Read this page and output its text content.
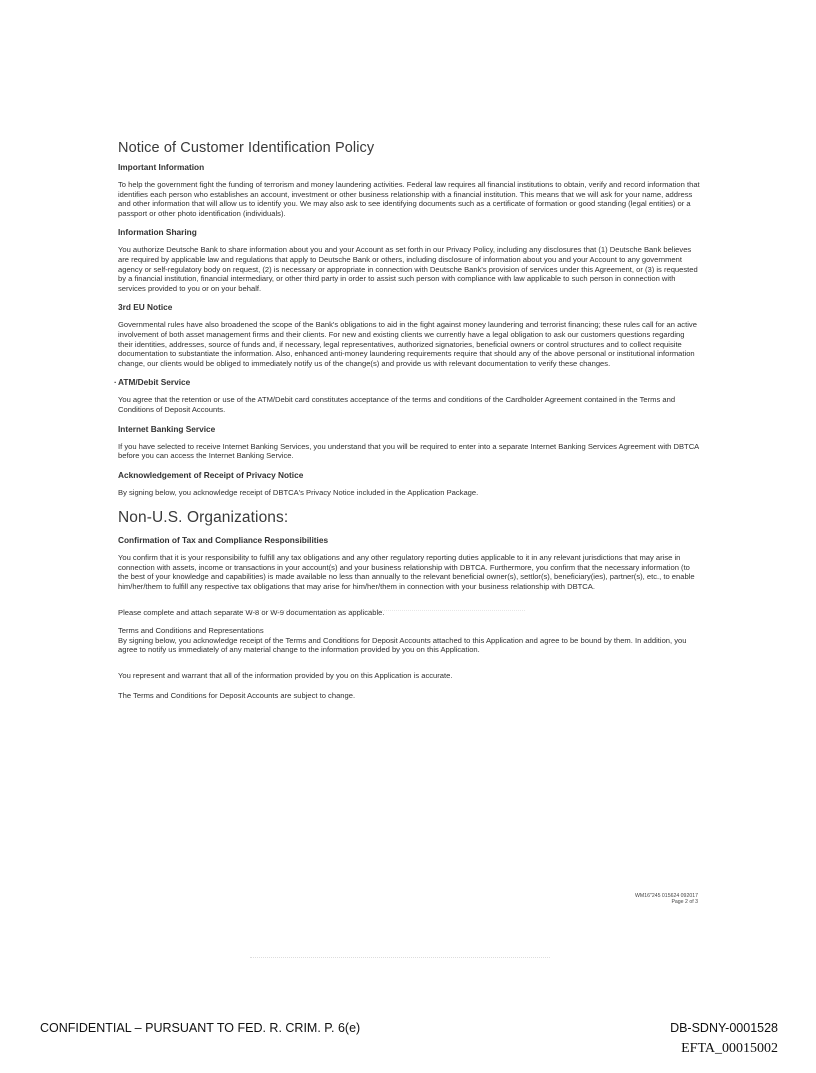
Notice of Customer Identification Policy
Important Information

To help the government fight the funding of terrorism and money laundering activities. Federal law requires all financial institutions to obtain, verify and record information that identifies each person who establishes an account, investment or other business relationship with a financial institution. This means that we will ask for your name, address and other information that will allow us to identify you. We may also ask to see identifying documents such as a certificate of formation or good standing (legal entities) or a passport or other photo identification (individuals).

Information Sharing

You authorize Deutsche Bank to share information about you and your Account as set forth in our Privacy Policy, including any disclosures that (1) Deutsche Bank believes are required by applicable law and regulations that apply to Deutsche Bank or others, including disclosure of information about you and your Account to any government agency or self-regulatory body on request, (2) is necessary or appropriate in connection with Deutsche Bank's provision of services under this Agreement, or (3) is requested by a financial institution, financial intermediary, or other third party in order to assist such person with compliance with law applicable to such person in connection with services provided to you or on your behalf.

3rd EU Notice

Governmental rules have also broadened the scope of the Bank's obligations to aid in the fight against money laundering and terrorist financing; these rules call for an active involvement of both asset management firms and their clients. For new and existing clients we currently have a legal obligation to ask our customers questions regarding their identities, addresses, source of funds and, if necessary, legal representatives, authorized signatories, beneficial owners or control structures and to collect requisite documentation to substantiate the information. Also, enhanced anti-money laundering requirements require that should any of the above personal or institutional information change, our clients would be obliged to immediately notify us of the change(s) and provide us with relevant documentation to verify these changes.

· ATM/Debit Service

You agree that the retention or use of the ATM/Debit card constitutes acceptance of the terms and conditions of the Cardholder Agreement contained in the Terms and Conditions of Deposit Accounts.

Internet Banking Service

If you have selected to receive Internet Banking Services, you understand that you will be required to enter into a separate Internet Banking Services Agreement with DBTCA before you can access the Internet Banking Service.

Acknowledgement of Receipt of Privacy Notice

By signing below, you acknowledge receipt of DBTCA's Privacy Notice included in the Application Package.

Non-U.S. Organizations:
Confirmation of Tax and Compliance Responsibilities

You confirm that it is your responsibility to fulfill any tax obligations and any other regulatory reporting duties applicable to it in any relevant jurisdictions that may arise in connection with assets, income or transactions in your account(s) and your business relationship with DBTCA. Furthermore, you confirm that the necessary information (to the best of your knowledge and capabilities) is made available no less than annually to the relevant beneficial owner(s), settlor(s), beneficiary(ies), partner(s), etc., to enable him/her/them to fulfill any respective tax obligations that may arise for him/her/them in connection with your business relationship with DBTCA.

Please complete and attach separate W-8 or W-9 documentation as applicable.

Terms and Conditions and Representations

By signing below, you acknowledge receipt of the Terms and Conditions for Deposit Accounts attached to this Application and agree to be bound by them. In addition, you agree to notify us immediately of any material change to the information provided by you on this Application.

You represent and warrant that all of the information provided by you on this Application is accurate.

The Terms and Conditions for Deposit Accounts are subject to change.

WM16"245 015624 092017
Page 2 of 3
CONFIDENTIAL – PURSUANT TO FED. R. CRIM. P. 6(e)	DB-SDNY-0001528
EFTA_00015002
